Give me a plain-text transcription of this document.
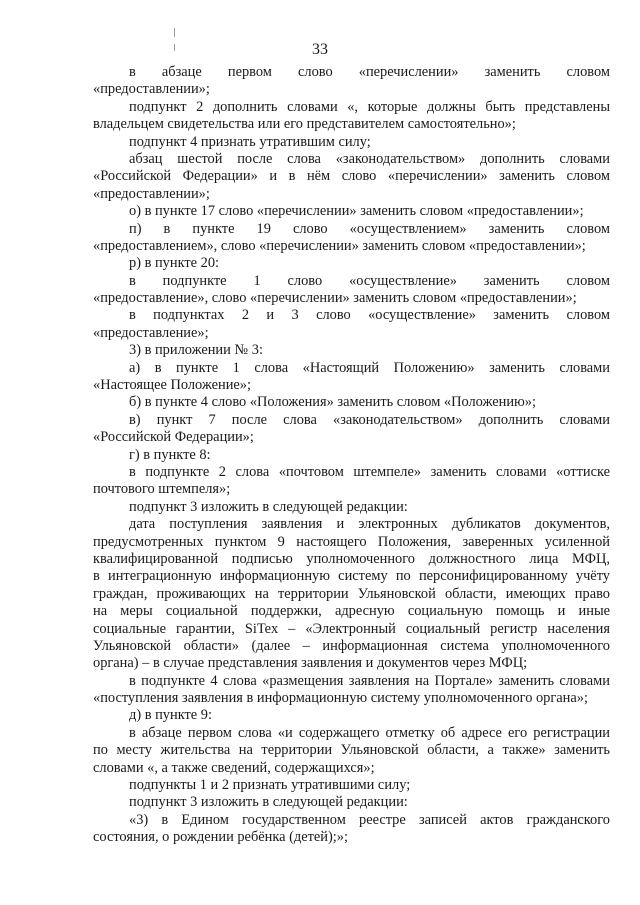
33
в абзаце первом слово «перечислении» заменить словом
«предоставлении»;
подпункт 2 дополнить словами «, которые должны быть представлены
владельцем свидетельства или его представителем самостоятельно»;
подпункт 4 признать утратившим силу;
абзац шестой после слова «законодательством» дополнить словами
«Российской Федерации» и в нём слово «перечислении» заменить словом
«предоставлении»;
о) в пункте 17 слово «перечислении» заменить словом «предоставлении»;
п) в пункте 19 слово «осуществлением» заменить словом
«предоставлением», слово «перечислении» заменить словом «предоставлении»;
р) в пункте 20:
в подпункте 1 слово «осуществление» заменить словом
«предоставление», слово «перечислении» заменить словом «предоставлении»;
в подпунктах 2 и 3 слово «осуществление» заменить словом
«предоставление»;
3) в приложении № 3:
а) в пункте 1 слова «Настоящий Положению» заменить словами
«Настоящее Положение»;
б) в пункте 4 слово «Положения» заменить словом «Положению»;
в) пункт 7 после слова «законодательством» дополнить словами
«Российской Федерации»;
г) в пункте 8:
в подпункте 2 слова «почтовом штемпеле» заменить словами «оттиске
почтового штемпеля»;
подпункт 3 изложить в следующей редакции:
дата поступления заявления и электронных дубликатов документов,
предусмотренных пунктом 9 настоящего Положения, заверенных усиленной
квалифицированной подписью уполномоченного должностного лица МФЦ,
в интеграционную информационную систему по персонифицированному учёту
граждан, проживающих на территории Ульяновской области, имеющих право
на меры социальной поддержки, адресную социальную помощь и иные
социальные гарантии, SiTex – «Электронный социальный регистр населения
Ульяновской области» (далее – информационная система уполномоченного
органа) – в случае представления заявления и документов через МФЦ;
в подпункте 4 слова «размещения заявления на Портале» заменить словами
«поступления заявления в информационную систему уполномоченного органа»;
д) в пункте 9:
в абзаце первом слова «и содержащего отметку об адресе его регистрации
по месту жительства на территории Ульяновской области, а также» заменить
словами «, а также сведений, содержащихся»;
подпункты 1 и 2 признать утратившими силу;
подпункт 3 изложить в следующей редакции:
«3) в Едином государственном реестре записей актов гражданского
состояния, о рождении ребёнка (детей);»;
